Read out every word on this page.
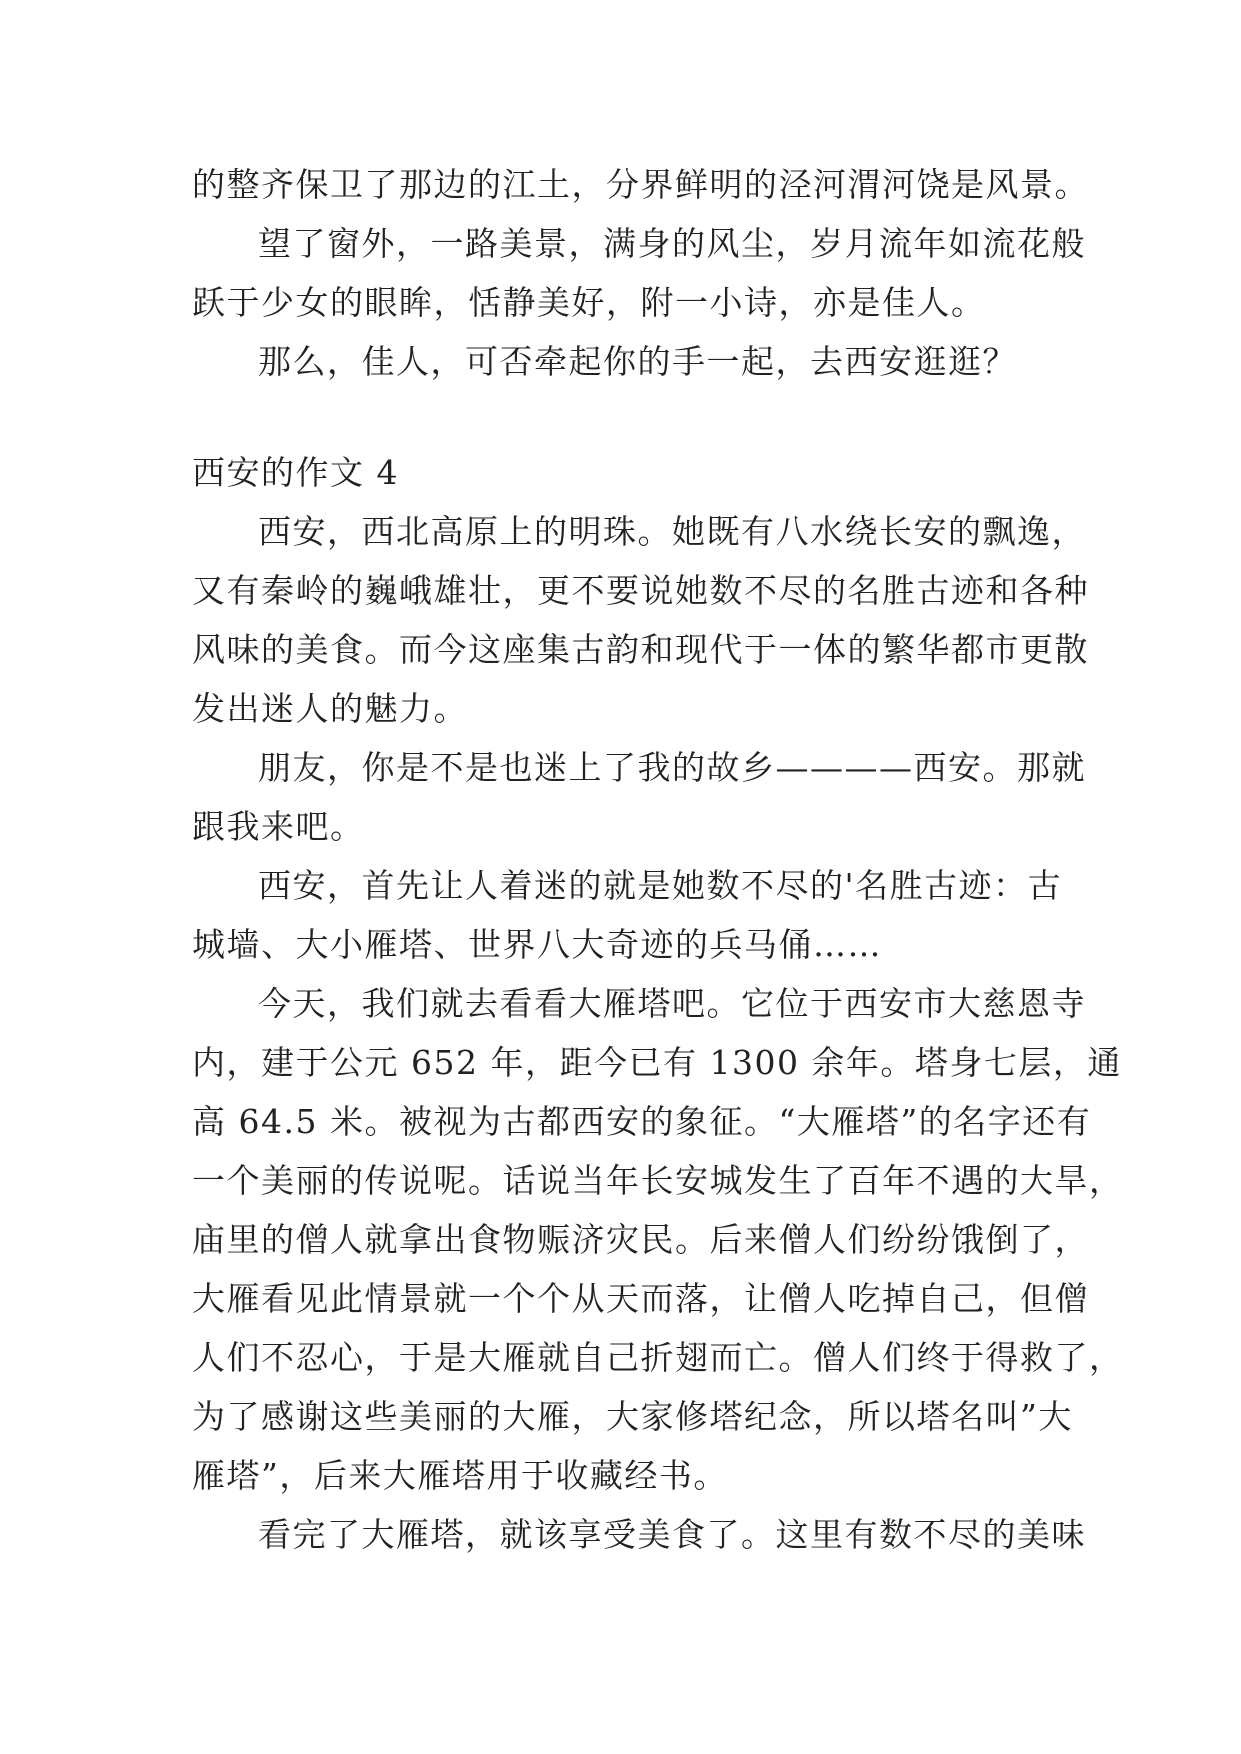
的整齐保卫了那边的江土，分界鲜明的泾河渭河饶是风景。
望了窗外，一路美景，满身的风尘，岁月流年如流花般
跃于少女的眼眸，恬静美好，附一小诗，亦是佳人。
那么，佳人，可否牵起你的手一起，去西安逛逛？
西安的作文 4
西安，西北高原上的明珠。她既有八水绕长安的飘逸，
又有秦岭的巍峨雄壮，更不要说她数不尽的名胜古迹和各种
风味的美食。而今这座集古韵和现代于一体的繁华都市更散
发出迷人的魅力。
朋友，你是不是也迷上了我的故乡————西安。那就
跟我来吧。
西安，首先让人着迷的就是她数不尽的'名胜古迹：古
城墙、大小雁塔、世界八大奇迹的兵马俑……
今天，我们就去看看大雁塔吧。它位于西安市大慈恩寺
内，建于公元 652 年，距今已有 1300 余年。塔身七层，通
高 64.5 米。被视为古都西安的象征。“大雁塔”的名字还有
一个美丽的传说呢。话说当年长安城发生了百年不遇的大旱，
庙里的僧人就拿出食物赈济灾民。后来僧人们纷纷饿倒了，
大雁看见此情景就一个个从天而落，让僧人吃掉自己，但僧
人们不忍心，于是大雁就自己折翅而亡。僧人们终于得救了，
为了感谢这些美丽的大雁，大家修塔纪念，所以塔名叫”大
雁塔”，后来大雁塔用于收藏经书。
看完了大雁塔，就该享受美食了。这里有数不尽的美味
